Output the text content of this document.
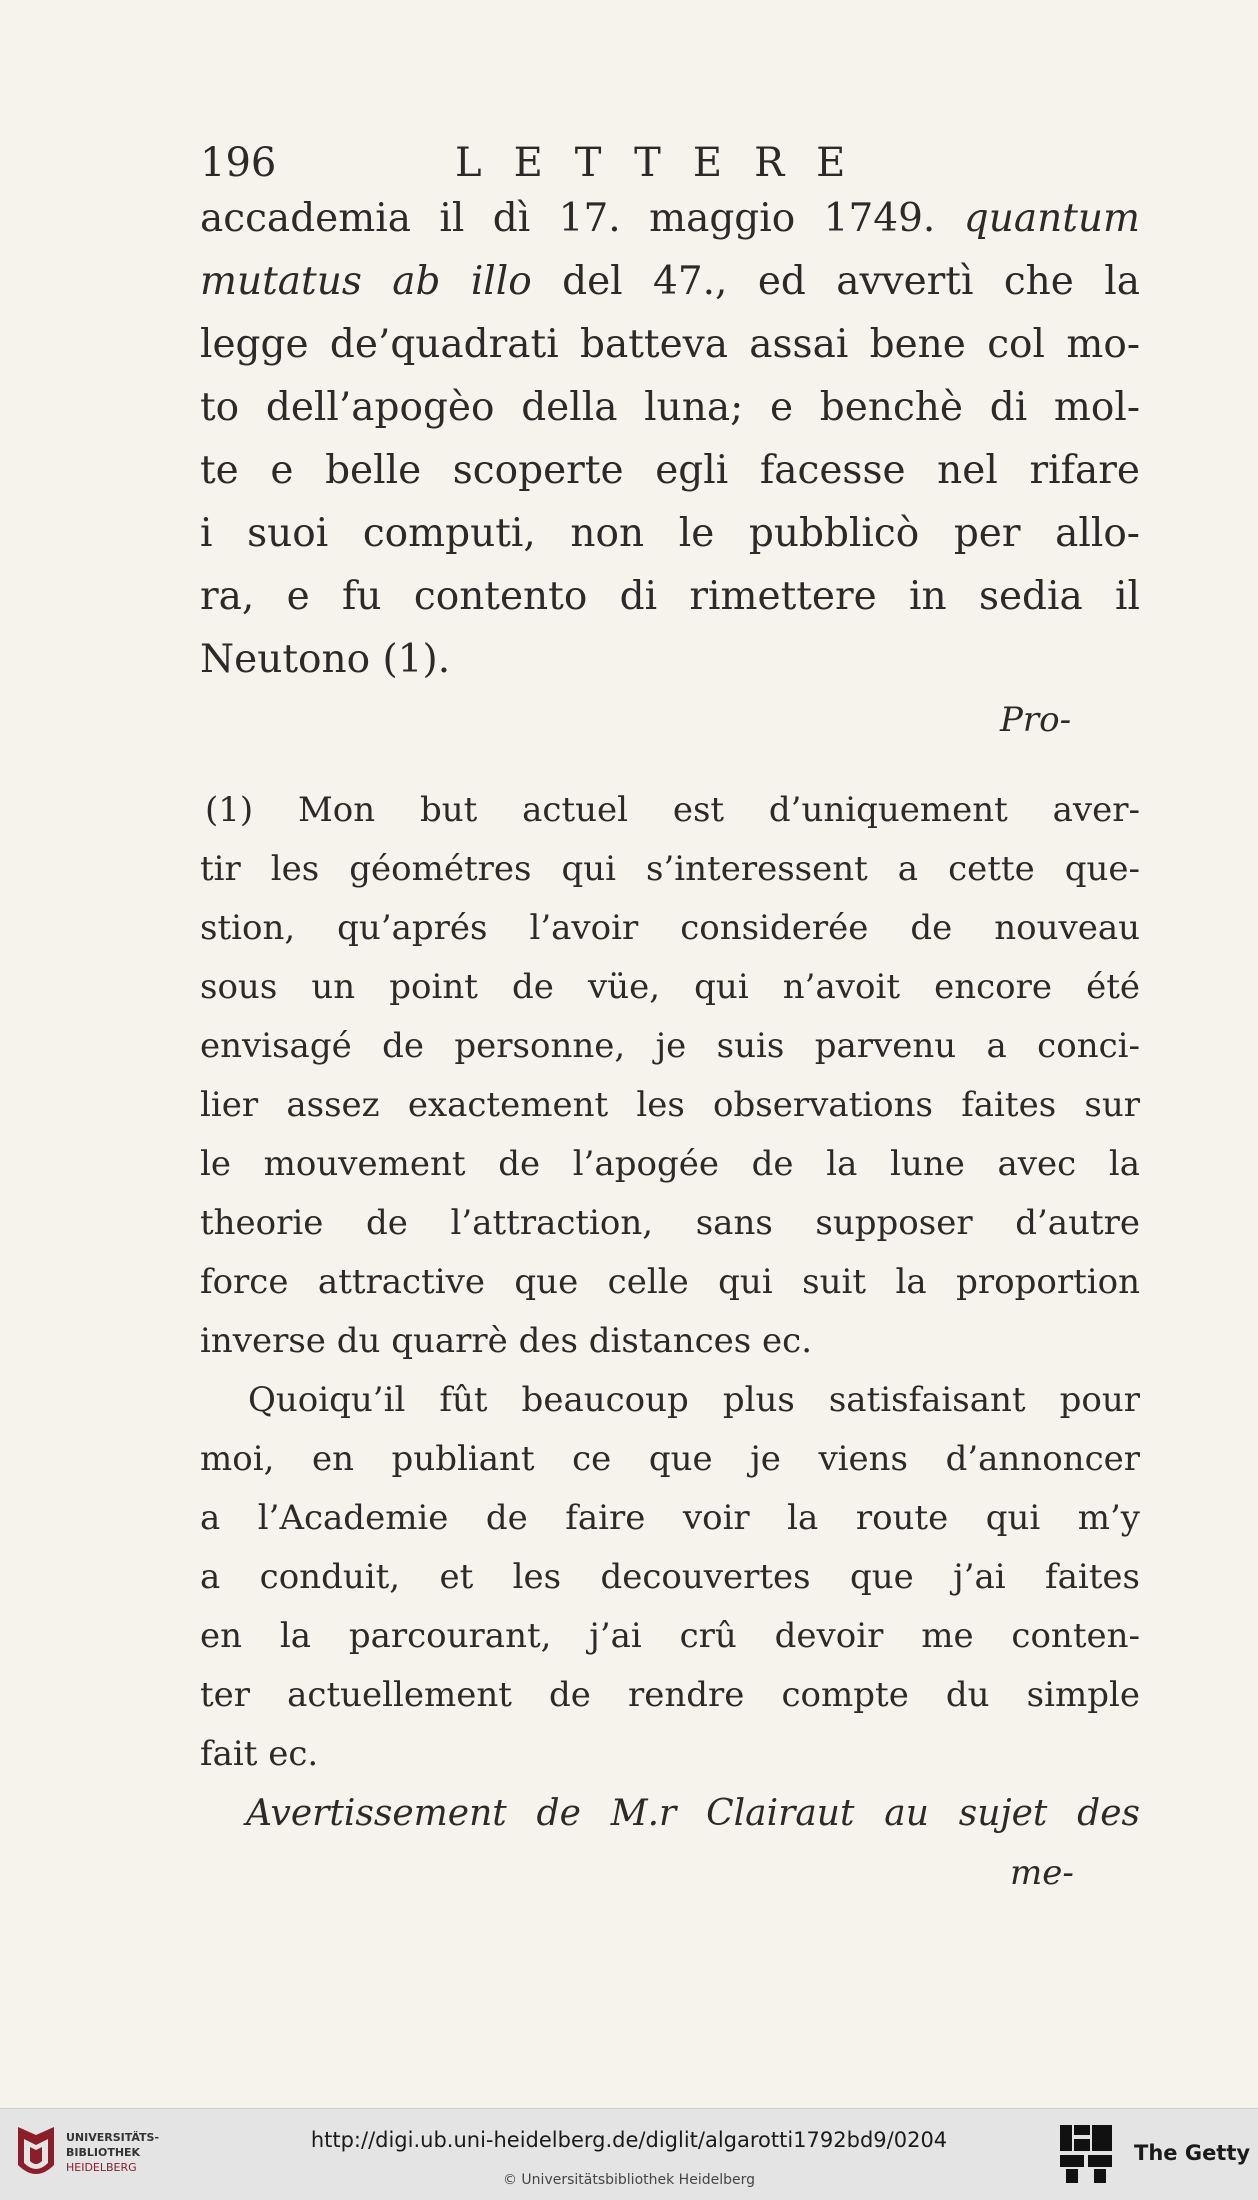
196	LETTERE
accademia il dì 17. maggio 1749. quantum
mutatus ab illo del 47., ed avvertì che la
legge de’quadrati batteva assai bene col mo-
to dell’apogèo della luna; e benchè di mol-
te e belle scoperte egli facesse nel rifare
i suoi computi, non le pubblicò per allo-
ra, e fu contento di rimettere in sedia il
Neutono (1).
Pro-
(1) Mon but actuel est d’uniquement aver-
tir les géométres qui s’interessent a cette que-
stion, qu’aprés l’avoir considerée de nouveau
sous un point de vüe, qui n’avoit encore été
envisagé de personne, je suis parvenu a conci-
lier assez exactement les observations faites sur
le mouvement de l’apogée de la lune avec la
theorie de l’attraction, sans supposer d’autre
force attractive que celle qui suit la proportion
inverse du quarrè des distances ec.
Quoiqu’il fût beaucoup plus satisfaisant pour
moi, en publiant ce que je viens d’annoncer
a l’Academie de faire voir la route qui m’y
a conduit, et les decouvertes que j’ai faites
en la parcourant, j’ai crû devoir me conten-
ter actuellement de rendre compte du simple
fait ec.
Avertissement de M.r Clairaut au sujet des
me-
UNIVERSITÄTS-
BIBLIOTHEK
HEIDELBERG
http://digi.ub.uni-heidelberg.de/diglit/algarotti1792bd9/0204
© Universitätsbibliothek Heidelberg
The Getty
